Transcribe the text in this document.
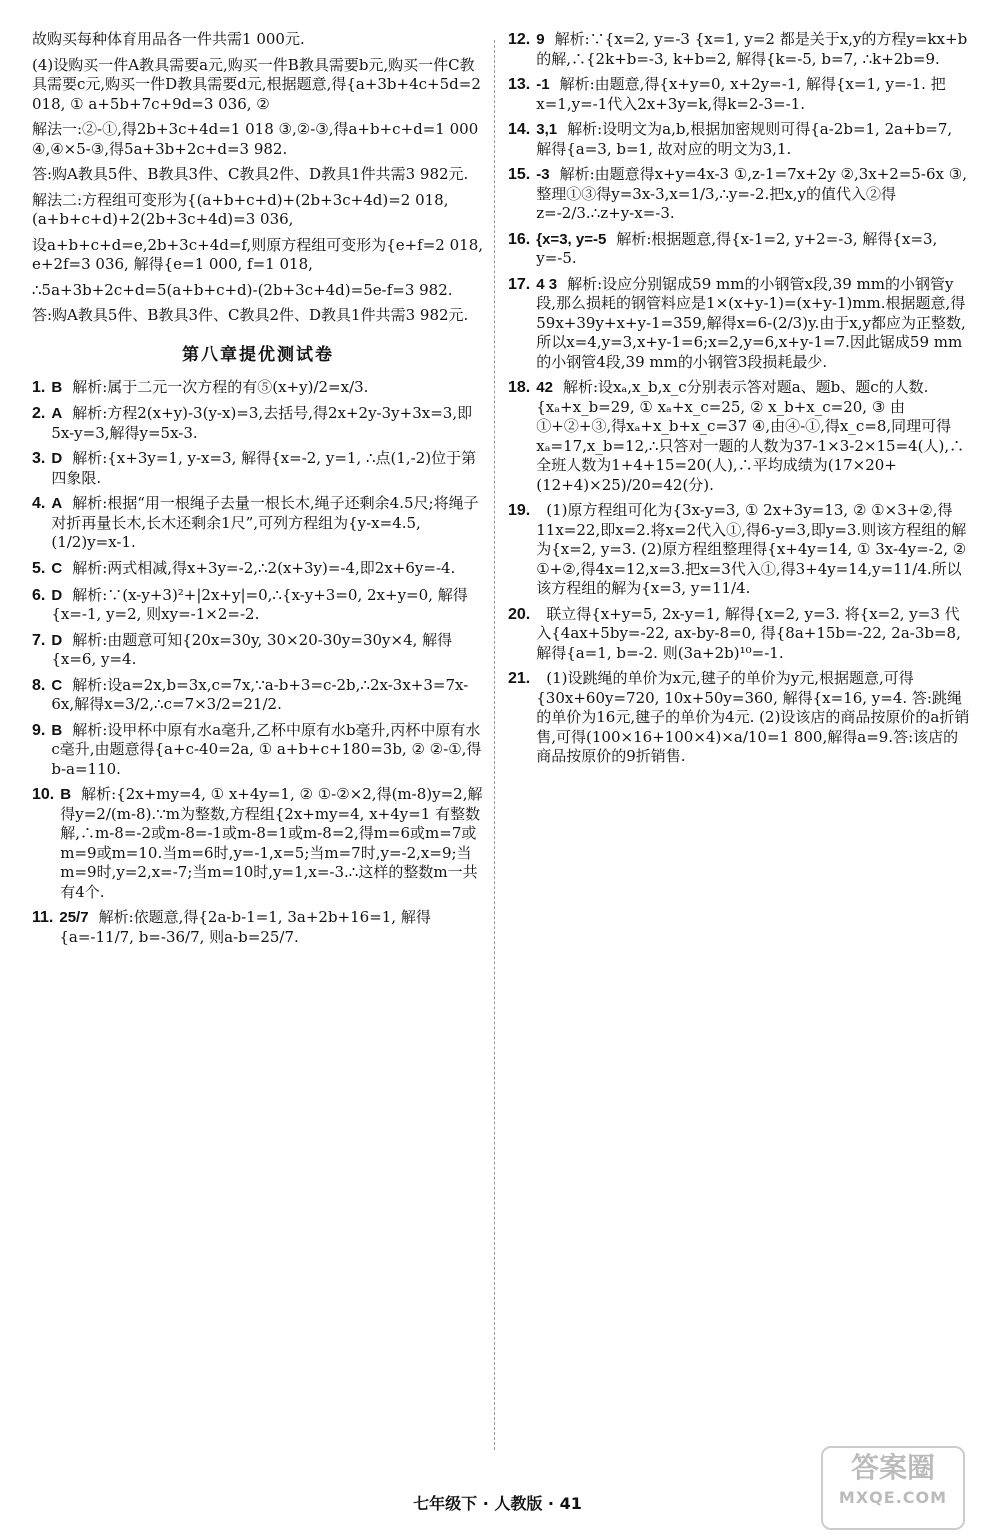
故购买每种体育用品各一件共需1 000元.

(4)设购买一件A教具需要a元,购买一件B教具需要b元,购买一件C教具需要c元,购买一件D教具需要d元,根据题意,得{a+3b+4c+5d=2 018, ① a+5b+7c+9d=3 036, ②

解法一:②-①,得2b+3c+4d=1 018 ③,②-③,得a+b+c+d=1 000 ④,④×5-③,得5a+3b+2c+d=3 982.

答:购A教具5件、B教具3件、C教具2件、D教具1件共需3 982元.

解法二:方程组可变形为{(a+b+c+d)+(2b+3c+4d)=2 018, (a+b+c+d)+2(2b+3c+4d)=3 036,

设a+b+c+d=e,2b+3c+4d=f,则原方程组可变形为{e+f=2 018, e+2f=3 036, 解得{e=1 000, f=1 018,

∴5a+3b+2c+d=5(a+b+c+d)-(2b+3c+4d)=5e-f=3 982.

答:购A教具5件、B教具3件、C教具2件、D教具1件共需3 982元.

第八章提优测试卷
1. B 解析:属于二元一次方程的有⑤(x+y)/2=x/3.
2. A 解析:方程2(x+y)-3(y-x)=3,去括号,得2x+2y-3y+3x=3,即5x-y=3,解得y=5x-3.
3. D 解析:{x+3y=1, y-x=3, 解得{x=-2, y=1, ∴点(1,-2)位于第四象限.
4. A 解析:根据“用一根绳子去量一根长木,绳子还剩余4.5尺;将绳子对折再量长木,长木还剩余1尺”,可列方程组为{y-x=4.5, (1/2)y=x-1.
5. C 解析:两式相减,得x+3y=-2,∴2(x+3y)=-4,即2x+6y=-4.
6. D 解析:∵(x-y+3)²+|2x+y|=0,∴{x-y+3=0, 2x+y=0, 解得{x=-1, y=2, 则xy=-1×2=-2.
7. D 解析:由题意可知{20x=30y, 30×20-30y=30y×4, 解得{x=6, y=4.
8. C 解析:设a=2x,b=3x,c=7x,∵a-b+3=c-2b,∴2x-3x+3=7x-6x,解得x=3/2,∴c=7×3/2=21/2.
9. B 解析:设甲杯中原有水a毫升,乙杯中原有水b毫升,丙杯中原有水c毫升,由题意得{a+c-40=2a, ① a+b+c+180=3b, ② ②-①,得b-a=110.
10. B 解析:{2x+my=4, ① x+4y=1, ② ①-②×2,得(m-8)y=2,解得y=2/(m-8).∵m为整数,方程组{2x+my=4, x+4y=1 有整数解,∴m-8=-2或m-8=-1或m-8=1或m-8=2,得m=6或m=7或m=9或m=10.当m=6时,y=-1,x=5;当m=7时,y=-2,x=9;当m=9时,y=2,x=-7;当m=10时,y=1,x=-3.∴这样的整数m一共有4个.
11. 25/7 解析:依题意,得{2a-b-1=1, 3a+2b+16=1, 解得{a=-11/7, b=-36/7, 则a-b=25/7.
12. 9 解析:∵{x=2, y=-3 {x=1, y=2 都是关于x,y的方程y=kx+b的解,∴{2k+b=-3, k+b=2, 解得{k=-5, b=7, ∴k+2b=9.
13. -1 解析:由题意,得{x+y=0, x+2y=-1, 解得{x=1, y=-1. 把x=1,y=-1代入2x+3y=k,得k=2-3=-1.
14. 3,1 解析:设明文为a,b,根据加密规则可得{a-2b=1, 2a+b=7, 解得{a=3, b=1, 故对应的明文为3,1.
15. -3 解析:由题意得x+y=4x-3 ①,z-1=7x+2y ②,3x+2=5-6x ③,整理①③得y=3x-3,x=1/3,∴y=-2.把x,y的值代入②得z=-2/3.∴z+y-x=-3.
16. {x=3, y=-5 解析:根据题意,得{x-1=2, y+2=-3, 解得{x=3, y=-5.
17. 4 3 解析:设应分别锯成59 mm的小钢管x段,39 mm的小钢管y段,那么损耗的钢管料应是1×(x+y-1)=(x+y-1)mm.根据题意,得59x+39y+x+y-1=359,解得x=6-(2/3)y.由于x,y都应为正整数,所以x=4,y=3,x+y-1=6;x=2,y=6,x+y-1=7.因此锯成59 mm的小钢管4段,39 mm的小钢管3段损耗最少.
18. 42 解析:设xₐ,x_b,x_c分别表示答对题a、题b、题c的人数.{xₐ+x_b=29, ① xₐ+x_c=25, ② x_b+x_c=20, ③ 由①+②+③,得xₐ+x_b+x_c=37 ④,由④-①,得x_c=8,同理可得xₐ=17,x_b=12,∴只答对一题的人数为37-1×3-2×15=4(人),∴全班人数为1+4+15=20(人),∴平均成绩为(17×20+(12+4)×25)/20=42(分).
19.	(1)原方程组可化为{3x-y=3, ① 2x+3y=13, ② ①×3+②,得11x=22,即x=2.将x=2代入①,得6-y=3,即y=3.则该方程组的解为{x=2, y=3. (2)原方程组整理得{x+4y=14, ① 3x-4y=-2, ② ①+②,得4x=12,x=3.把x=3代入①,得3+4y=14,y=11/4.所以该方程组的解为{x=3, y=11/4.
20.	联立得{x+y=5, 2x-y=1, 解得{x=2, y=3. 将{x=2, y=3 代入{4ax+5by=-22, ax-by-8=0, 得{8a+15b=-22, 2a-3b=8, 解得{a=1, b=-2. 则(3a+2b)¹⁰=-1.
21.	(1)设跳绳的单价为x元,毽子的单价为y元,根据题意,可得{30x+60y=720, 10x+50y=360, 解得{x=16, y=4. 答:跳绳的单价为16元,毽子的单价为4元. (2)设该店的商品按原价的a折销售,可得(100×16+100×4)×a/10=1 800,解得a=9.答:该店的商品按原价的9折销售.
七年级下 · 人教版 · 41
答案圈
MXQE.COM
